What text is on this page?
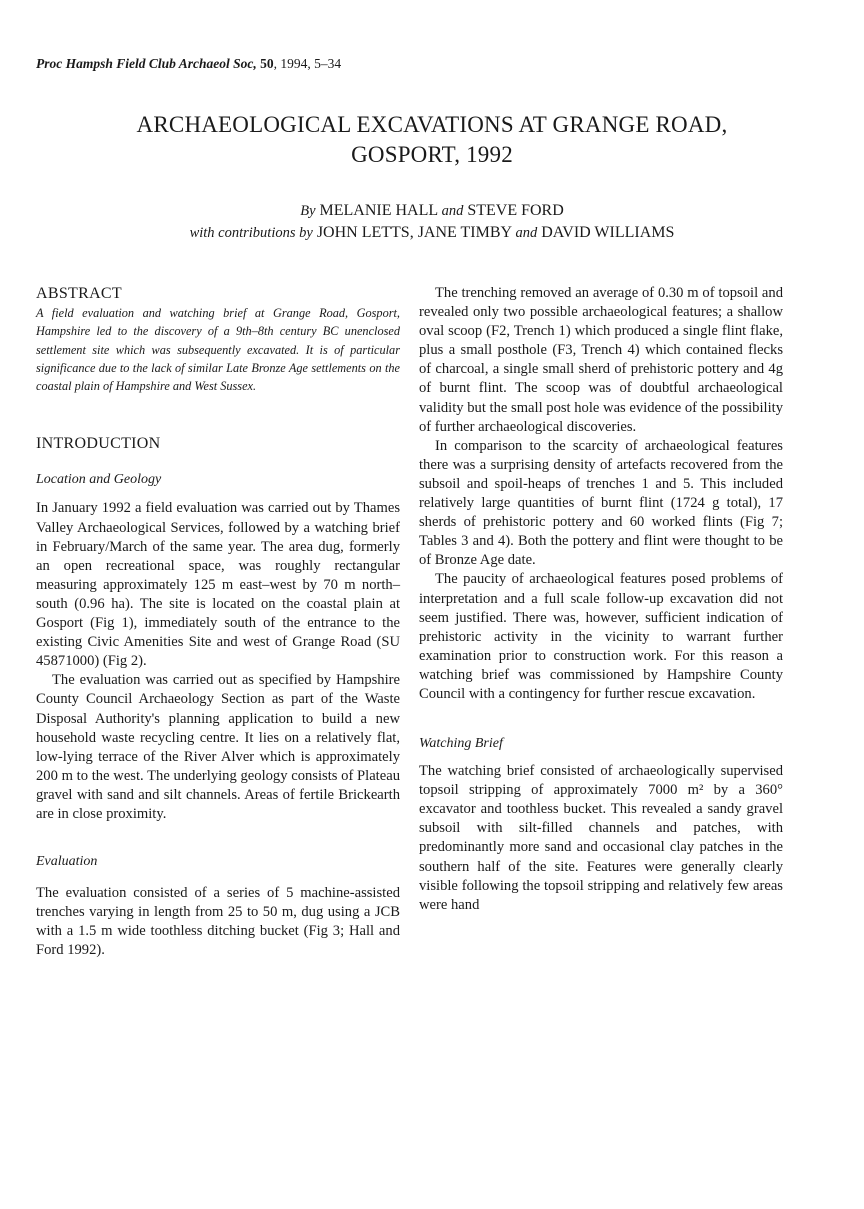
Proc Hampsh Field Club Archaeol Soc, 50, 1994, 5–34
ARCHAEOLOGICAL EXCAVATIONS AT GRANGE ROAD,
GOSPORT, 1992
By MELANIE HALL and STEVE FORD
with contributions by JOHN LETTS, JANE TIMBY and DAVID WILLIAMS
ABSTRACT

A field evaluation and watching brief at Grange Road, Gosport, Hampshire led to the discovery of a 9th–8th century BC unenclosed settlement site which was subsequently excavated. It is of particular significance due to the lack of similar Late Bronze Age settlements on the coastal plain of Hampshire and West Sussex.

INTRODUCTION
Location and Geology

In January 1992 a field evaluation was carried out by Thames Valley Archaeological Services, followed by a watching brief in February/March of the same year. The area dug, formerly an open recreational space, was roughly rectangular measuring approximately 125 m east–west by 70 m north–south (0.96 ha). The site is located on the coastal plain at Gosport (Fig 1), immediately south of the entrance to the existing Civic Amenities Site and west of Grange Road (SU 45871000) (Fig 2).

The evaluation was carried out as specified by Hampshire County Council Archaeology Section as part of the Waste Disposal Authority's planning application to build a new household waste recycling centre. It lies on a relatively flat, low-lying terrace of the River Alver which is approximately 200 m to the west. The underlying geology consists of Plateau gravel with sand and silt channels. Areas of fertile Brickearth are in close proximity.

Evaluation

The evaluation consisted of a series of 5 machine-assisted trenches varying in length from 25 to 50 m, dug using a JCB with a 1.5 m wide toothless ditching bucket (Fig 3; Hall and Ford 1992).

The trenching removed an average of 0.30 m of topsoil and revealed only two possible archaeological features; a shallow oval scoop (F2, Trench 1) which produced a single flint flake, plus a small posthole (F3, Trench 4) which contained flecks of charcoal, a single small sherd of prehistoric pottery and 4g of burnt flint. The scoop was of doubtful archaeological validity but the small post hole was evidence of the possibility of further archaeological discoveries.

In comparison to the scarcity of archaeological features there was a surprising density of artefacts recovered from the subsoil and spoil-heaps of trenches 1 and 5. This included relatively large quantities of burnt flint (1724 g total), 17 sherds of prehistoric pottery and 60 worked flints (Fig 7; Tables 3 and 4). Both the pottery and flint were thought to be of Bronze Age date.

The paucity of archaeological features posed problems of interpretation and a full scale follow-up excavation did not seem justified. There was, however, sufficient indication of prehistoric activity in the vicinity to warrant further examination prior to construction work. For this reason a watching brief was commissioned by Hampshire County Council with a contingency for further rescue excavation.

Watching Brief

The watching brief consisted of archaeologically supervised topsoil stripping of approximately 7000 m² by a 360° excavator and toothless bucket. This revealed a sandy gravel subsoil with silt-filled channels and patches, with predominantly more sand and occasional clay patches in the southern half of the site. Features were generally clearly visible following the topsoil stripping and relatively few areas were hand
